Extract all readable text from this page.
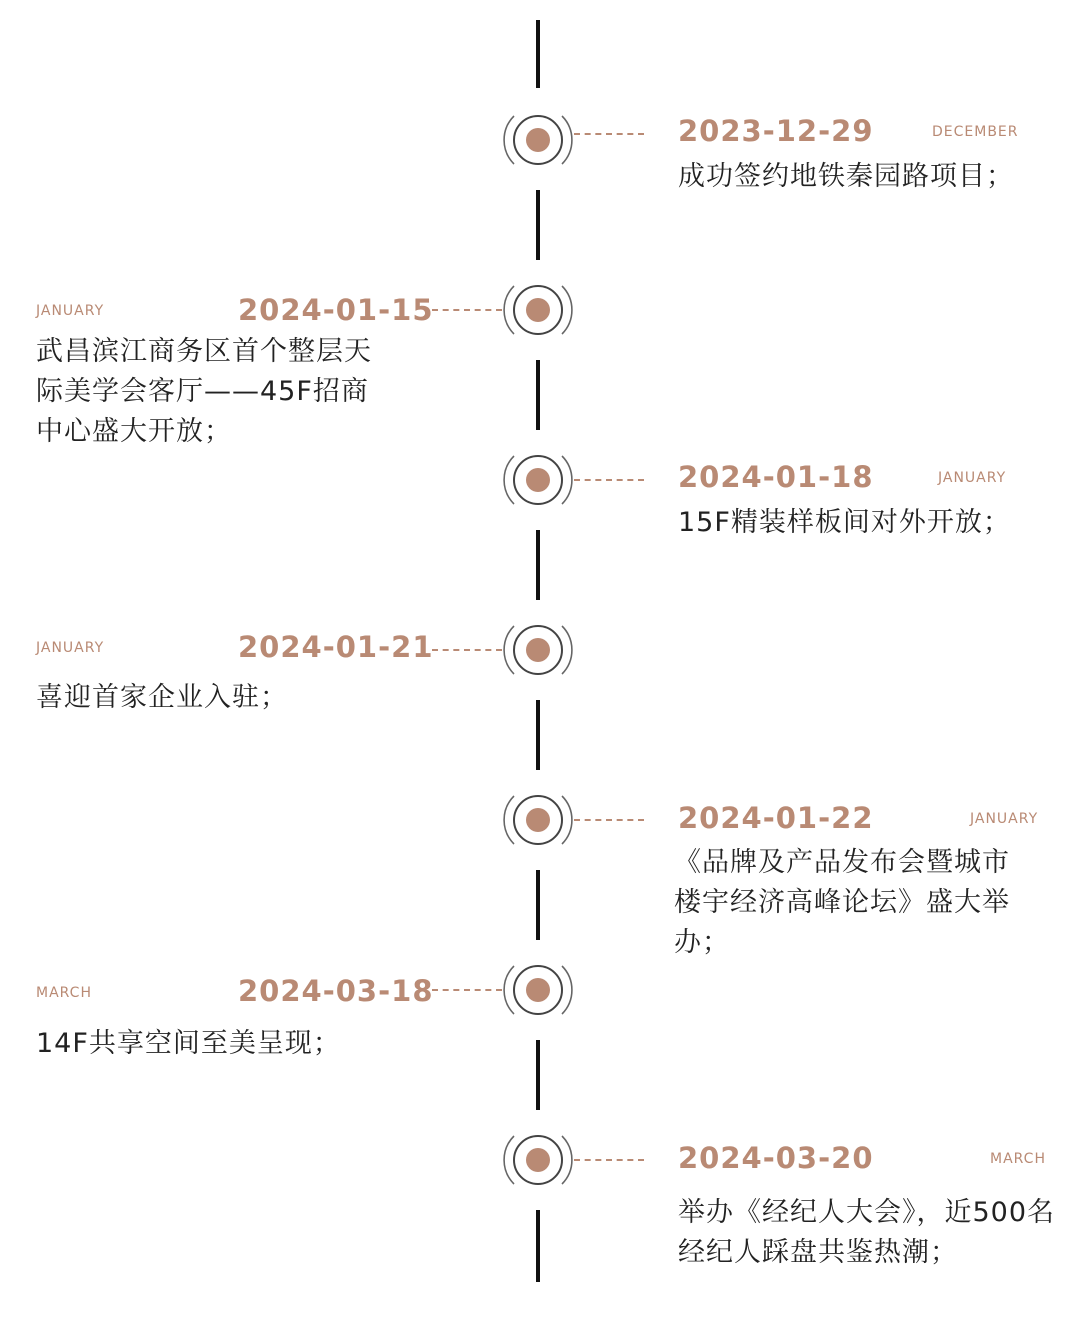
2023-12-29	DECEMBER
成功签约地铁秦园路项目；
JANUARY	2024-01-15
武昌滨江商务区首个整层天
际美学会客厅——45F招商
中心盛大开放；
2024-01-18	JANUARY
15F精装样板间对外开放；
JANUARY	2024-01-21
喜迎首家企业入驻；
2024-01-22	JANUARY
《品牌及产品发布会暨城市
楼宇经济高峰论坛》盛大举
办；
MARCH	2024-03-18
14F共享空间至美呈现；
2024-03-20	MARCH
举办《经纪人大会》，近500名
经纪人踩盘共鉴热潮；
